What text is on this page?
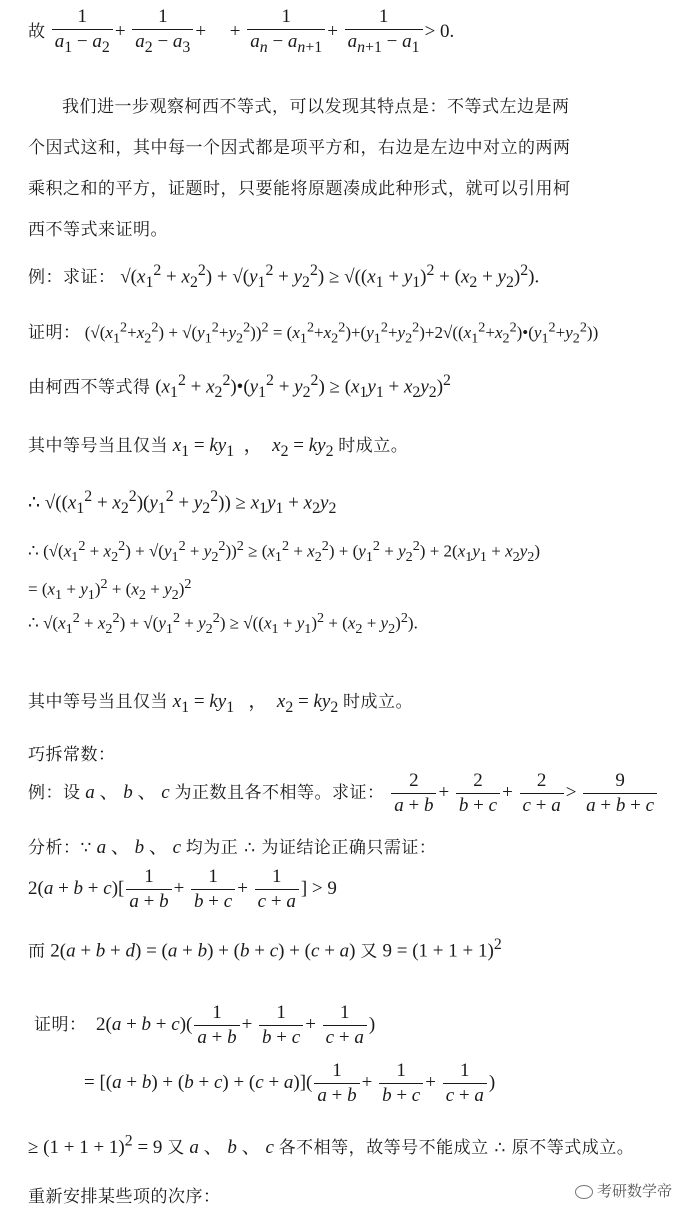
故 $\frac{1}{a_1 - a_2} + \frac{1}{a_2 - a_3}$ +     + $\frac{1}{a_n - a_{n+1}} + \frac{1}{a_{n+1} - a_1} > 0$.
我们进一步观察柯西不等式，可以发现其特点是：不等式左边是两
个因式这和，其中每一个因式都是项平方和，右边是左边中对立的两两
乘积之和的平方，证题时，只要能将原题凑成此种形式，就可以引用柯
西不等式来证明。
例：求证： $√(x_1^2 + x_2^2) + √(y_1^2 + y_2^2) \ge √((x_1 + y_1)^2 + (x_2 + y_2)^2)$.
证明： $(√(x_1^2+x_2^2) + √(y_1^2+y_2^2))^2$ = $(x_1^2+x_2^2)+(y_1^2+y_2^2)+2√((x_1^2+x_2^2)•(y_1^2+y_2^2))$
由柯西不等式得 ($x_1^2$ + $x_2^2)•(y_1^2 + y_2^2) \ge (x_1y_1 + x_2y_2)^2$
其中等号当且仅当 $x_1 = ky_1$  ，  $x_2 = ky_2$ 时成立。
∴ $√((x_1^2 + x_2^2)(y_1^2 + y_2^2)) \ge x_1y_1 + x_2y_2$
∴ $(√(x_1^2 + x_2^2) + √(y_1^2 + y_2^2))^2 \ge (x_1^2 + x_2^2) + (y_1^2 + y_2^2) + 2(x_1y_1 + x_2y_2)$
= $(x_1 + y_1)^2 + (x_2 + y_2)^2$
∴ $√(x_1^2 + x_2^2) + √(y_1^2 + y_2^2) \ge √((x_1 + y_1)^2 + (x_2 + y_2)^2)$.
其中等号当且仅当 $x_1 = ky_1$   ，  $x_2 = ky_2$ 时成立。
巧拆常数：
例：设 a 、 b 、 c 为正数且各不相等。求证： $\frac{2}{a + b} + \frac{2}{b + c} + \frac{2}{c + a} > \frac{9}{a + b + c}$
分析：∵ a 、 b 、 c 均为正 ∴ 为证结论正确只需证：
$2(a + b + c)[ \frac{1}{a + b} + \frac{1}{b + c} + \frac{1}{c + a}$ ] > 9
而 2(a + b + d) = (a + b) + (b + c) + (c + a) 又 $9 = (1 + 1 + 1)^2$
证明：  $2(a + b + c)( \frac{1}{a + b} + \frac{1}{b + c} + \frac{1}{c + a}$ )
= $[(a + b) + (b + c) + (c + a)]( \frac{1}{a + b} + \frac{1}{b + c} + \frac{1}{c + a}$ )
≥ $(1 + 1 + 1)^2 = 9$ 又 a 、 b 、 c 各不相等，故等号不能成立 ∴ 原不等式成立。
重新安排某些项的次序：	考研数学帝
